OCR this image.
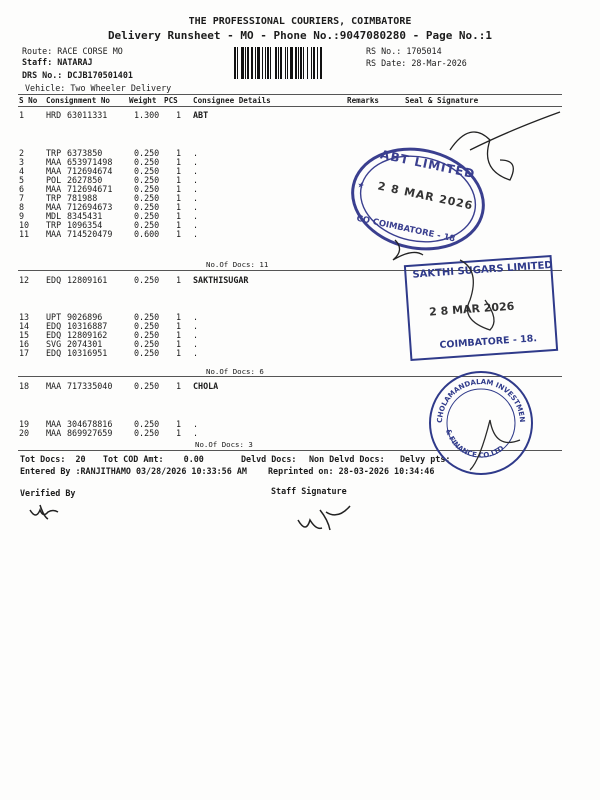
THE PROFESSIONAL COURIERS, COIMBATORE
Delivery Runsheet - MO - Phone No.:9047080280 - Page No.:1
Route: RACE CORSE MO
Staff: NATARAJ
DRS No.: DCJB170501401
Vehicle: Two Wheeler Delivery
RS No.: 1705014
RS Date: 28-Mar-2026
S No Consignment No Weight PCS Consignee Details	Remarks	Seal & Signature
1	HRD 63011331	1.300 1 ABT
2	TRP 6373850	0.250 1 .
3	MAA 653971498	0.250 1 .
4	MAA 712694674	0.250 1 .
5	POL 2627850	0.250 1 .
6	MAA 712694671	0.250 1 .
7	TRP 781988	0.250 1 .
8	MAA 712694673	0.250 1 .
9	MDL 8345431	0.250 1 .
10 TRP 1096354	0.250 1 .
11 MAA 714520479	0.600 1 .
12 EDQ 12809161	0.250 1 SAKTHISUGAR
13 UPT 9026896	0.250 1 .
14 EDQ 10316887	0.250 1 .
15 EDQ 12809162	0.250 1 .
16 SVG 2074301	0.250 1 .
17 EDQ 10316951	0.250 1 .
18 MAA 717335040	0.250 1 CHOLA
19 MAA 304678816	0.250 1 .
20 MAA 869927659	0.250 1 .
No.Of Docs: 11
No.Of Docs: 6
No.Of Docs: 3
Tot Docs:  20 Tot COD Amt:    0.00	Delvd Docs: Non Delvd Docs: Delvy pts:
Entered By :RANJITHAMO 03/28/2026 10:33:56 AM	Reprinted on: 28-03-2026 10:34:46
Verified By	Staff Signature
ABT LIMITED
2 8 MAR 2026
CO COIMBATORE - 18
★
SAKTHI SUGARS LIMITED
2 8 MAR 2026
COIMBATORE - 18.
CHOLAMANDALAM INVESTMENT
& FINANCE CO.LTD
